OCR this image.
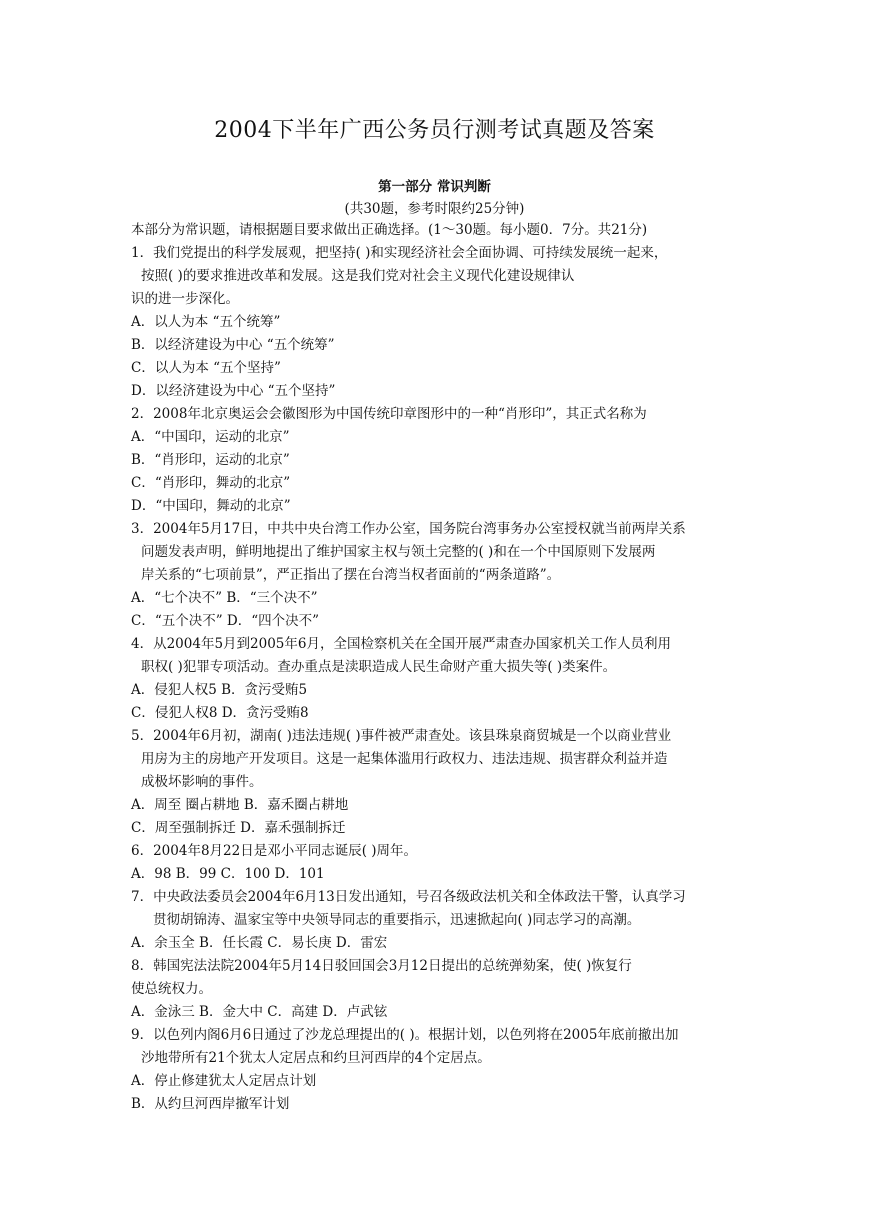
2004下半年广西公务员行测考试真题及答案
第一部分 常识判断
(共30题，参考时限约25分钟)
本部分为常识题，请根据题目要求做出正确选择。(1～30题。每小题0．7分。共21分)
1．我们党提出的科学发展观，把坚持( )和实现经济社会全面协调、可持续发展统一起来，
按照( )的要求推进改革和发展。这是我们党对社会主义现代化建设规律认
识的进一步深化。
A．以人为本 “五个统筹”
B．以经济建设为中心 “五个统筹”
C．以人为本 “五个坚持”
D．以经济建设为中心 “五个坚持”
2．2008年北京奥运会会徽图形为中国传统印章图形中的一种“肖形印”，其正式名称为
A．“中国印，运动的北京”
B．“肖形印，运动的北京”
C．“肖形印，舞动的北京”
D．“中国印，舞动的北京”
3．2004年5月17日，中共中央台湾工作办公室，国务院台湾事务办公室授权就当前两岸关系
问题发表声明，鲜明地提出了维护国家主权与领土完整的( )和在一个中国原则下发展两
岸关系的“七项前景”，严正指出了摆在台湾当权者面前的“两条道路”。
A．“七个决不” B．“三个决不”
C．“五个决不” D．“四个决不”
4．从2004年5月到2005年6月，全国检察机关在全国开展严肃查办国家机关工作人员利用
职权( )犯罪专项活动。查办重点是渎职造成人民生命财产重大损失等( )类案件。
A．侵犯人权5 B．贪污受贿5
C．侵犯人权8 D．贪污受贿8
5．2004年6月初，湖南( )违法违规( )事件被严肃查处。该县珠泉商贸城是一个以商业营业
用房为主的房地产开发项目。这是一起集体滥用行政权力、违法违规、损害群众利益并造
成极坏影响的事件。
A．周至 圈占耕地 B．嘉禾圈占耕地
C．周至强制拆迁 D．嘉禾强制拆迁
6．2004年8月22日是邓小平同志诞辰( )周年。
A．98 B．99 C．100 D．101
7．中央政法委员会2004年6月13日发出通知，号召各级政法机关和全体政法干警，认真学习
贯彻胡锦涛、温家宝等中央领导同志的重要指示，迅速掀起向( )同志学习的高潮。
A．余玉全 B．任长霞 C．易长庚 D．雷宏
8．韩国宪法法院2004年5月14日驳回国会3月12日提出的总统弹劾案，使( )恢复行
使总统权力。
A．金泳三 B．金大中 C．高建 D．卢武铉
9．以色列内阁6月6日通过了沙龙总理提出的( )。根据计划，以色列将在2005年底前撤出加
沙地带所有21个犹太人定居点和约旦河西岸的4个定居点。
A．停止修建犹太人定居点计划
B．从约旦河西岸撤军计划
